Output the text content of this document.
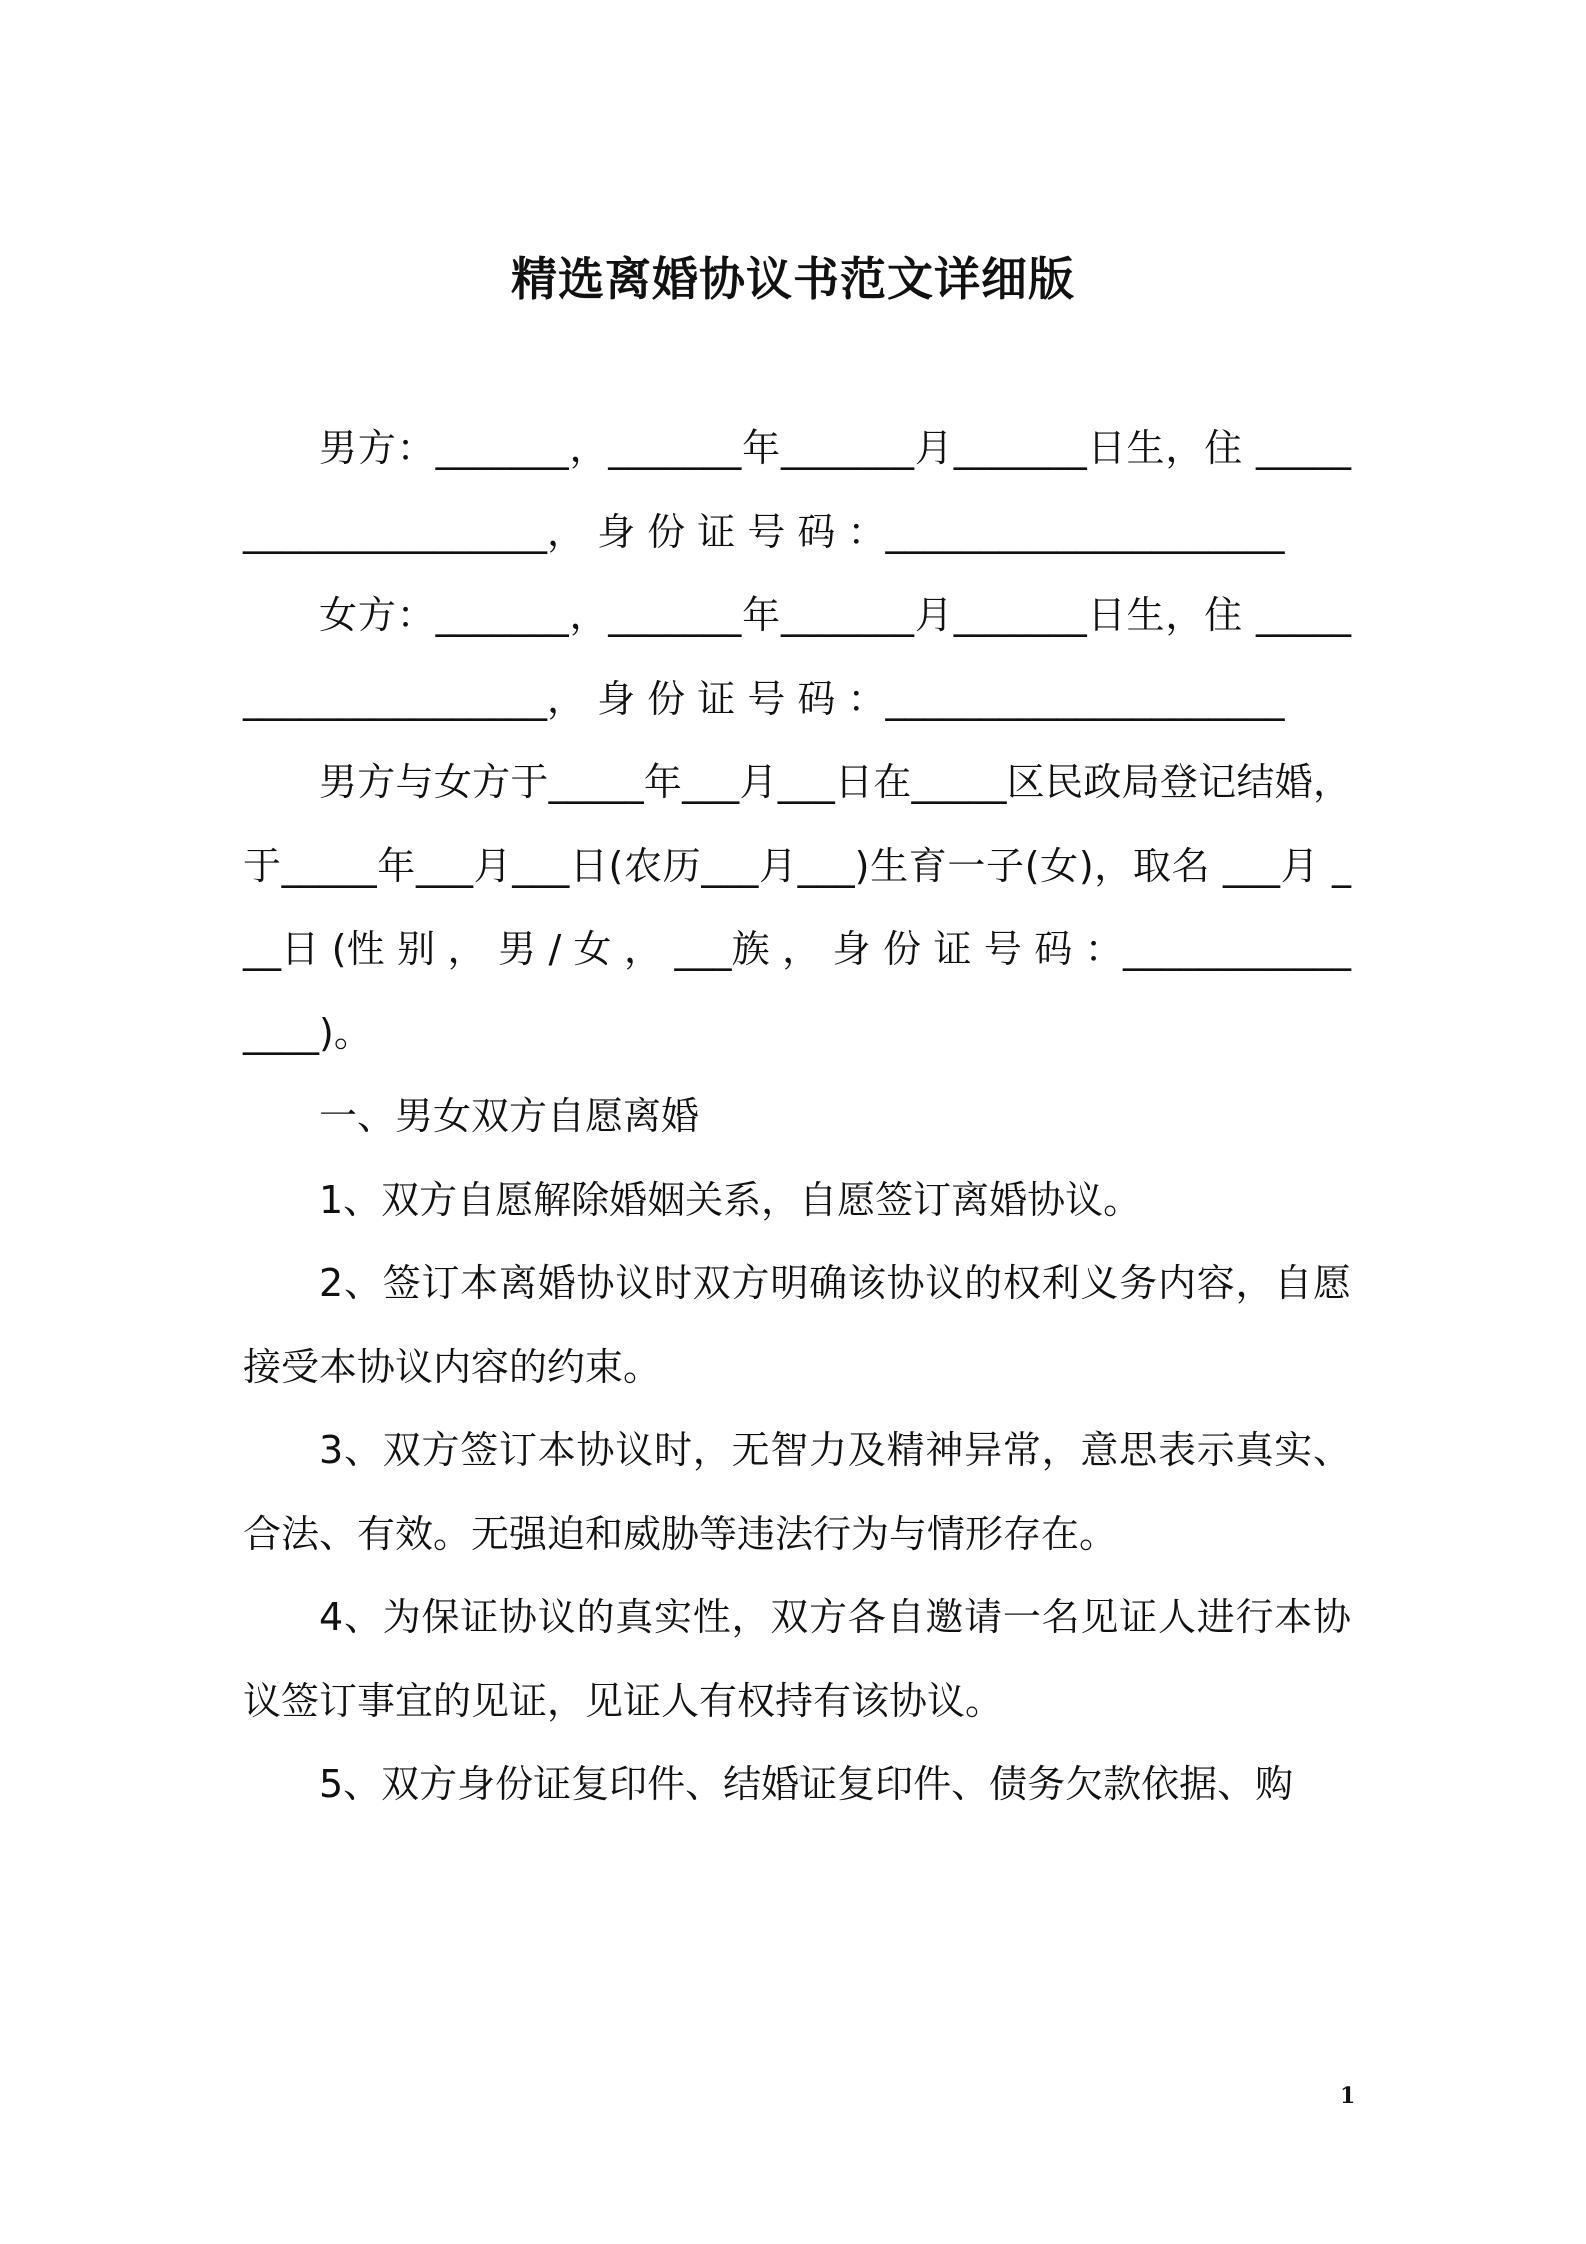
精选离婚协议书范文详细版

男方：_______，_______年_______月_______日生，住 _____________________， 身 份 证 号 码 ：_____________________

女方：_______，_______年_______月_______日生，住 _____________________， 身 份 证 号 码 ：_____________________

男方与女方于_____年___月___日在_____区民政局登记结婚，于_____年___月___日(农历___月___)生育一子(女)，取名 ___月 ___日 (性 别 ， 男 / 女 ， ___族 ， 身 份 证 号 码 ：________________)。

一、男女双方自愿离婚

1、双方自愿解除婚姻关系，自愿签订离婚协议。

2、签订本离婚协议时双方明确该协议的权利义务内容，自愿接受本协议内容的约束。

3、双方签订本协议时，无智力及精神异常，意思表示真实、合法、有效。无强迫和威胁等违法行为与情形存在。

4、为保证协议的真实性，双方各自邀请一名见证人进行本协议签订事宜的见证，见证人有权持有该协议。

5、双方身份证复印件、结婚证复印件、债务欠款依据、购

1
